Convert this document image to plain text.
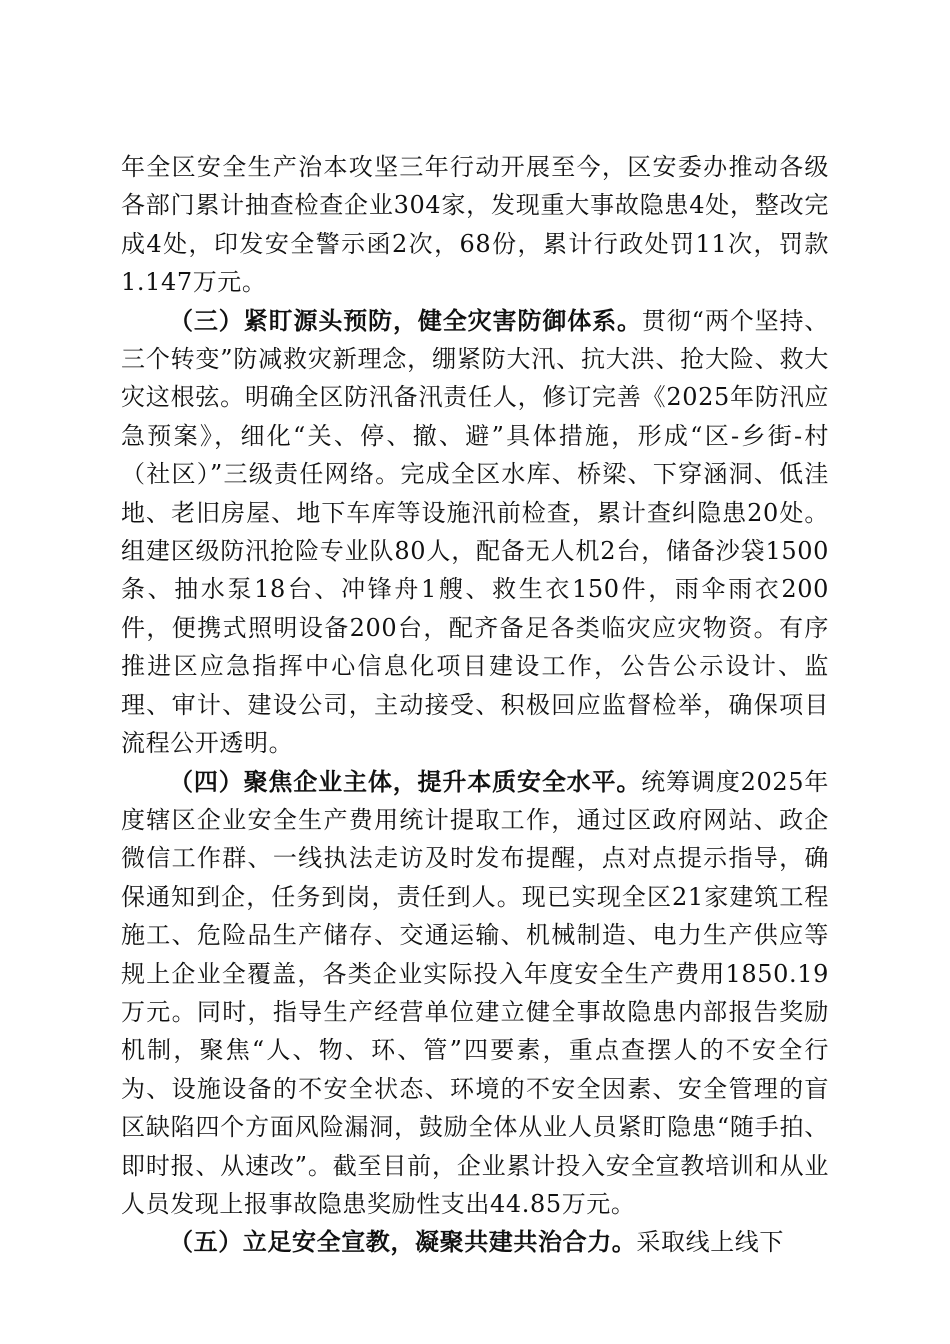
年全区安全生产治本攻坚三年行动开展至今，区安委办推动各级各部门累计抽查检查企业304家，发现重大事故隐患4处，整改完成4处，印发安全警示函2次，68份，累计行政处罚11次，罚款1.147万元。

（三）紧盯源头预防，健全灾害防御体系。贯彻“两个坚持、三个转变”防减救灾新理念，绷紧防大汛、抗大洪、抢大险、救大灾这根弦。明确全区防汛备汛责任人，修订完善《2025年防汛应急预案》，细化“关、停、撤、避”具体措施，形成“区-乡街-村（社区）”三级责任网络。完成全区水库、桥梁、下穿涵洞、低洼地、老旧房屋、地下车库等设施汛前检查，累计查纠隐患20处。组建区级防汛抢险专业队80人，配备无人机2台，储备沙袋1500条、抽水泵18台、冲锋舟1艘、救生衣150件，雨伞雨衣200件，便携式照明设备200台，配齐备足各类临灾应灾物资。有序推进区应急指挥中心信息化项目建设工作，公告公示设计、监理、审计、建设公司，主动接受、积极回应监督检举，确保项目流程公开透明。

（四）聚焦企业主体，提升本质安全水平。统筹调度2025年度辖区企业安全生产费用统计提取工作，通过区政府网站、政企微信工作群、一线执法走访及时发布提醒，点对点提示指导，确保通知到企，任务到岗，责任到人。现已实现全区21家建筑工程施工、危险品生产储存、交通运输、机械制造、电力生产供应等规上企业全覆盖，各类企业实际投入年度安全生产费用1850.19万元。同时，指导生产经营单位建立健全事故隐患内部报告奖励机制，聚焦“人、物、环、管”四要素，重点查摆人的不安全行为、设施设备的不安全状态、环境的不安全因素、安全管理的盲区缺陷四个方面风险漏洞，鼓励全体从业人员紧盯隐患“随手拍、即时报、从速改”。截至目前，企业累计投入安全宣教培训和从业人员发现上报事故隐患奖励性支出44.85万元。

（五）立足安全宣教，凝聚共建共治合力。采取线上线下
